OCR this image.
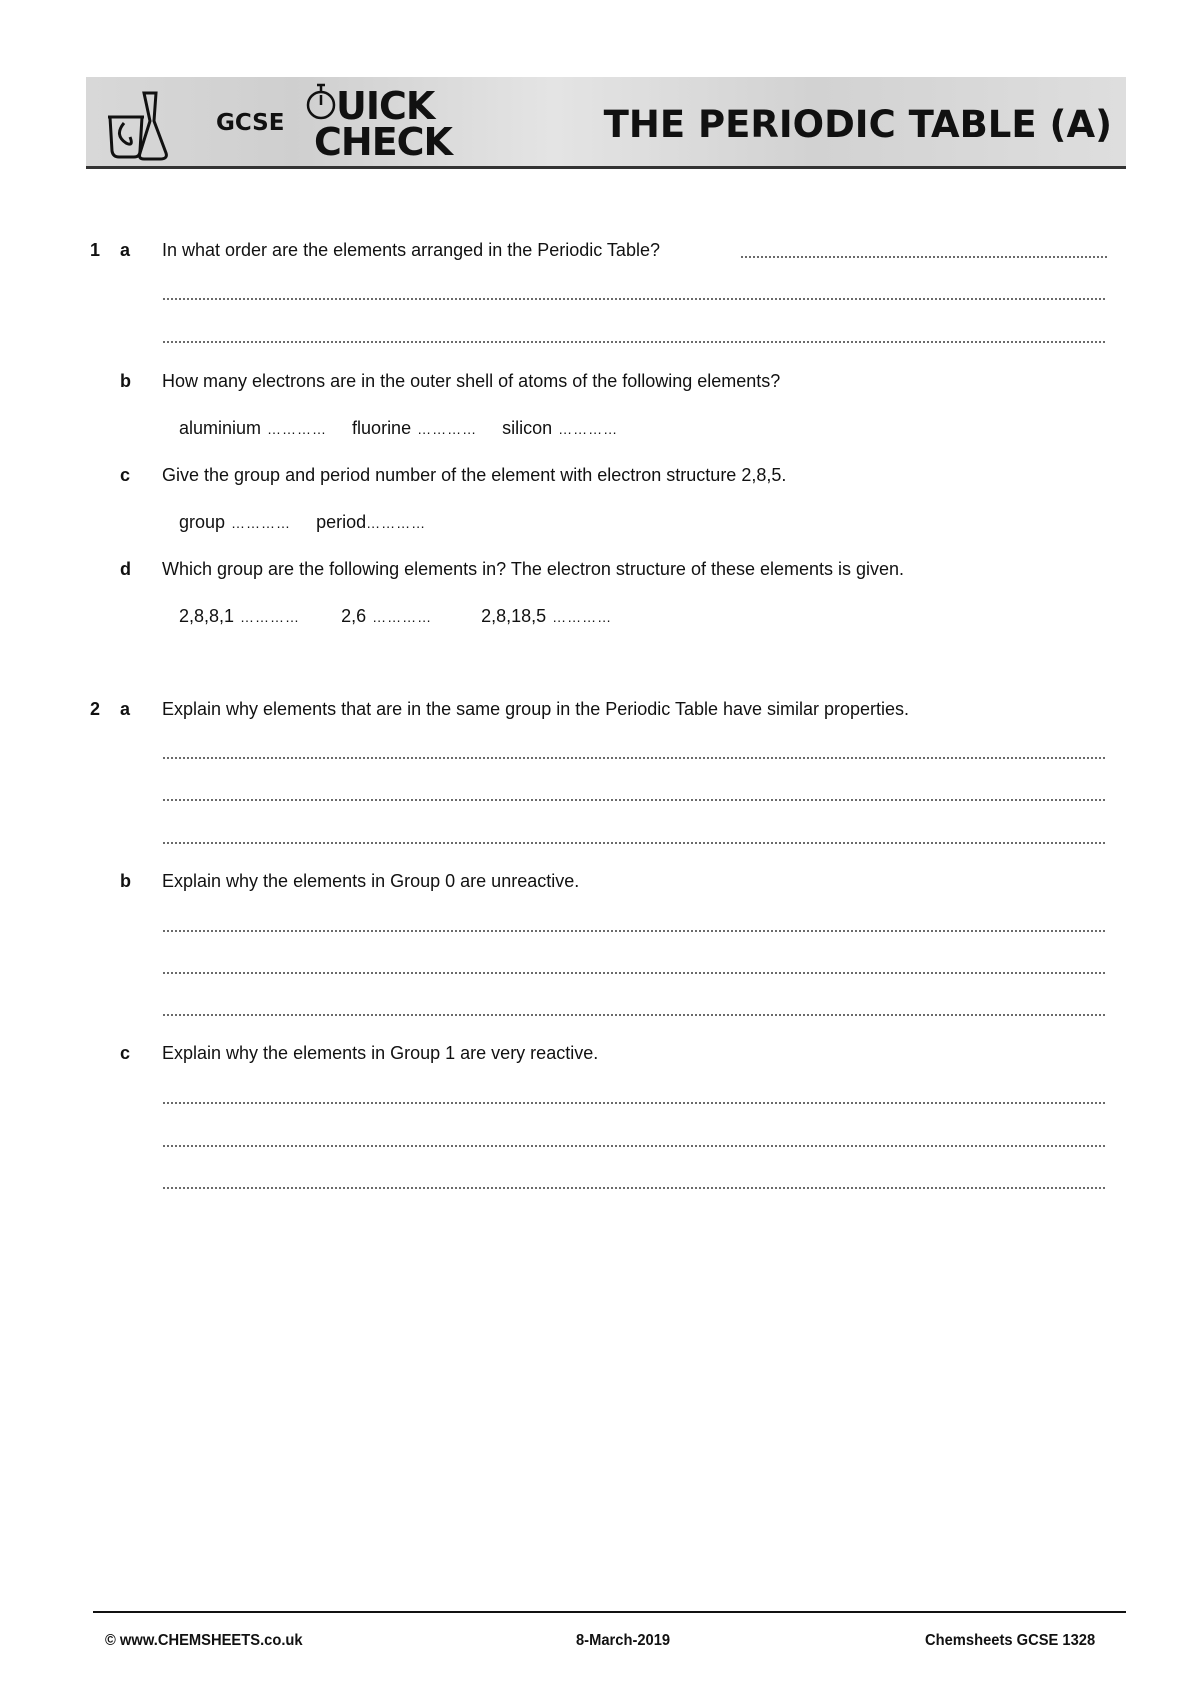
GCSE UICK
CHECK	THE PERIODIC TABLE (A)
1 a In what order are the elements arranged in the Periodic Table?
b How many electrons are in the outer shell of atoms of the following elements?
aluminium ………… fluorine ………… silicon …………
c Give the group and period number of the element with electron structure 2,8,5.
group ………… period…………
d Which group are the following elements in? The electron structure of these elements is given.
2,8,8,1 ………… 2,6 …………	2,8,18,5 …………
2 a Explain why elements that are in the same group in the Periodic Table have similar properties.
b Explain why the elements in Group 0 are unreactive.
c Explain why the elements in Group 1 are very reactive.
© www.CHEMSHEETS.co.uk	8-March-2019	Chemsheets GCSE 1328
